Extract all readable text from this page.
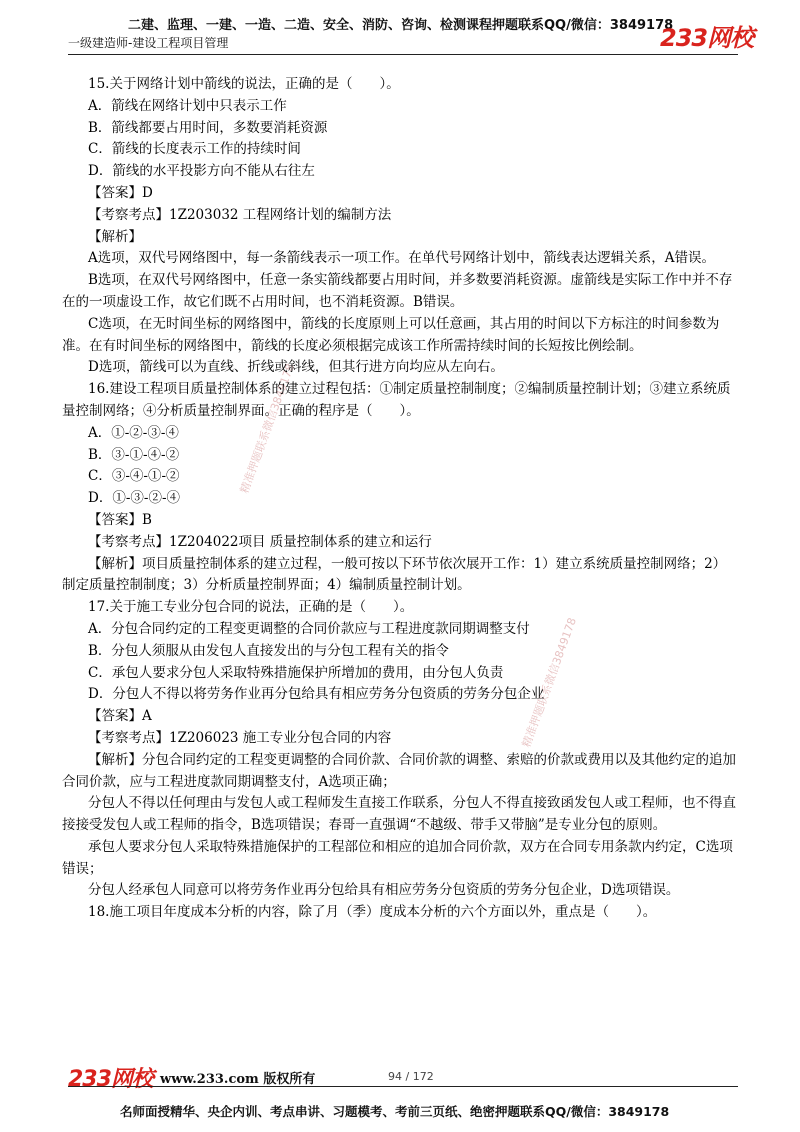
二建、监理、一建、一造、二造、安全、消防、咨询、检测课程押题联系QQ/微信：3849178
一级建造师-建设工程项目管理	233网校
精准押题联系微信3849178
精准押题联系微信3849178

15.关于网络计划中箭线的说法，正确的是（　　）。

A．箭线在网络计划中只表示工作

B．箭线都要占用时间，多数要消耗资源

C．箭线的长度表示工作的持续时间

D．箭线的水平投影方向不能从右往左

【答案】D

【考察考点】1Z203032 工程网络计划的编制方法

【解析】

A选项，双代号网络图中，每一条箭线表示一项工作。在单代号网络计划中，箭线表达逻辑关系，A错误。

B选项，在双代号网络图中，任意一条实箭线都要占用时间，并多数要消耗资源。虚箭线是实际工作中并不存在的一项虚设工作，故它们既不占用时间，也不消耗资源。B错误。

C选项，在无时间坐标的网络图中，箭线的长度原则上可以任意画，其占用的时间以下方标注的时间参数为准。在有时间坐标的网络图中，箭线的长度必须根据完成该工作所需持续时间的长短按比例绘制。

D选项，箭线可以为直线、折线或斜线，但其行进方向均应从左向右。

16.建设工程项目质量控制体系的建立过程包括：①制定质量控制制度；②编制质量控制计划；③建立系统质量控制网络；④分析质量控制界面。正确的程序是（　　）。

A．①-②-③-④

B．③-①-④-②

C．③-④-①-②

D．①-③-②-④

【答案】B

【考察考点】1Z204022项目 质量控制体系的建立和运行

【解析】项目质量控制体系的建立过程，一般可按以下环节依次展开工作：1）建立系统质量控制网络；2）制定质量控制制度；3）分析质量控制界面；4）编制质量控制计划。

17.关于施工专业分包合同的说法，正确的是（　　）。

A．分包合同约定的工程变更调整的合同价款应与工程进度款同期调整支付

B．分包人须服从由发包人直接发出的与分包工程有关的指令

C．承包人要求分包人采取特殊措施保护所增加的费用，由分包人负责

D．分包人不得以将劳务作业再分包给具有相应劳务分包资质的劳务分包企业

【答案】A

【考察考点】1Z206023 施工专业分包合同的内容

【解析】分包合同约定的工程变更调整的合同价款、合同价款的调整、索赔的价款或费用以及其他约定的追加合同价款，应与工程进度款同期调整支付，A选项正确；

分包人不得以任何理由与发包人或工程师发生直接工作联系，分包人不得直接致函发包人或工程师，也不得直接接受发包人或工程师的指令，B选项错误；春哥一直强调“不越级、带手又带脑”是专业分包的原则。

承包人要求分包人采取特殊措施保护的工程部位和相应的追加合同价款，双方在合同专用条款内约定，C选项错误；

分包人经承包人同意可以将劳务作业再分包给具有相应劳务分包资质的劳务分包企业，D选项错误。

18.施工项目年度成本分析的内容，除了月（季）度成本分析的六个方面以外，重点是（　　）。

233网校 www.233.com 版权所有	94 / 172
名师面授精华、央企内训、考点串讲、习题模考、考前三页纸、绝密押题联系QQ/微信：3849178
